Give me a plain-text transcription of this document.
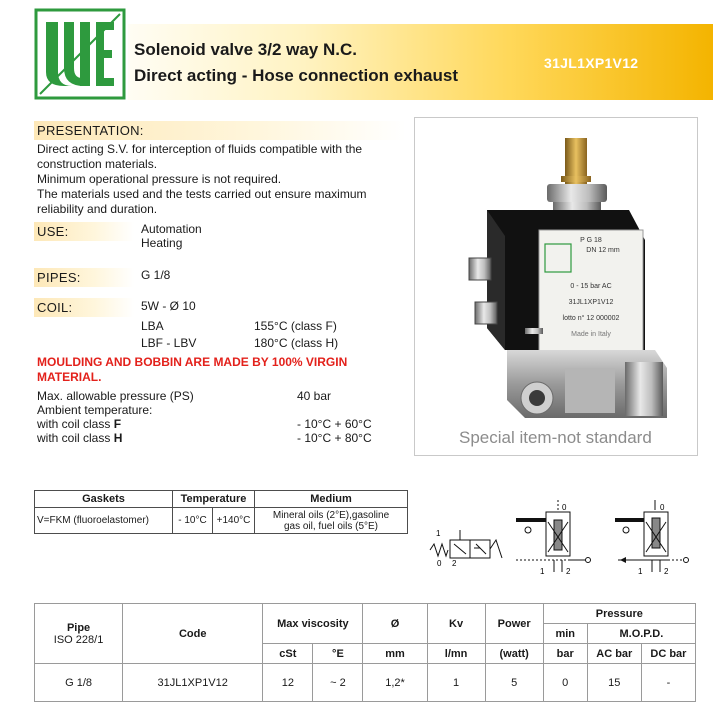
Solenoid valve 3/2 way N.C.
Direct acting - Hose connection exhaust
31JL1XP1V12
PRESENTATION:
Direct acting S.V. for interception of fluids compatible with the
construction materials.
Minimum operational pressure is not required.
The materials used and the tests carried out ensure maximum
reliability and duration.
USE:	Automation
Heating
PIPES:	G 1/8
COIL:	5W - Ø 10
LBA	155°C (class F)
LBF - LBV	180°C (class H)
MOULDING AND BOBBIN ARE MADE BY 100% VIRGIN
MATERIAL.
Max. allowable pressure (PS)	40 bar
Ambient temperature:
with coil class F	- 10°C + 60°C
with coil class H	- 10°C + 80°C
P G 18
DN 12 mm
0 - 15 bar AC
31JL1XP1V12
lotto n° 12 000002
Made in Italy
Special item-not standard
Gaskets	Temperature		Medium
V=FKM (fluoroelastomer)	- 10°C	+140°C	Mineral oils (2°E),gasoline
gas oil, fuel oils (5°E)
1
0 2
0
1	2
0
1	2
Pipe
ISO 228/1	Code	Max viscosity		Ø	Kv	Power	Pressure		
							min	M.O.P.D.	
		cSt	°E	mm	l/mn	(watt)	bar	AC bar	DC bar
G 1/8	31JL1XP1V12	12	~ 2	1,2*	1	5	0	15	-
